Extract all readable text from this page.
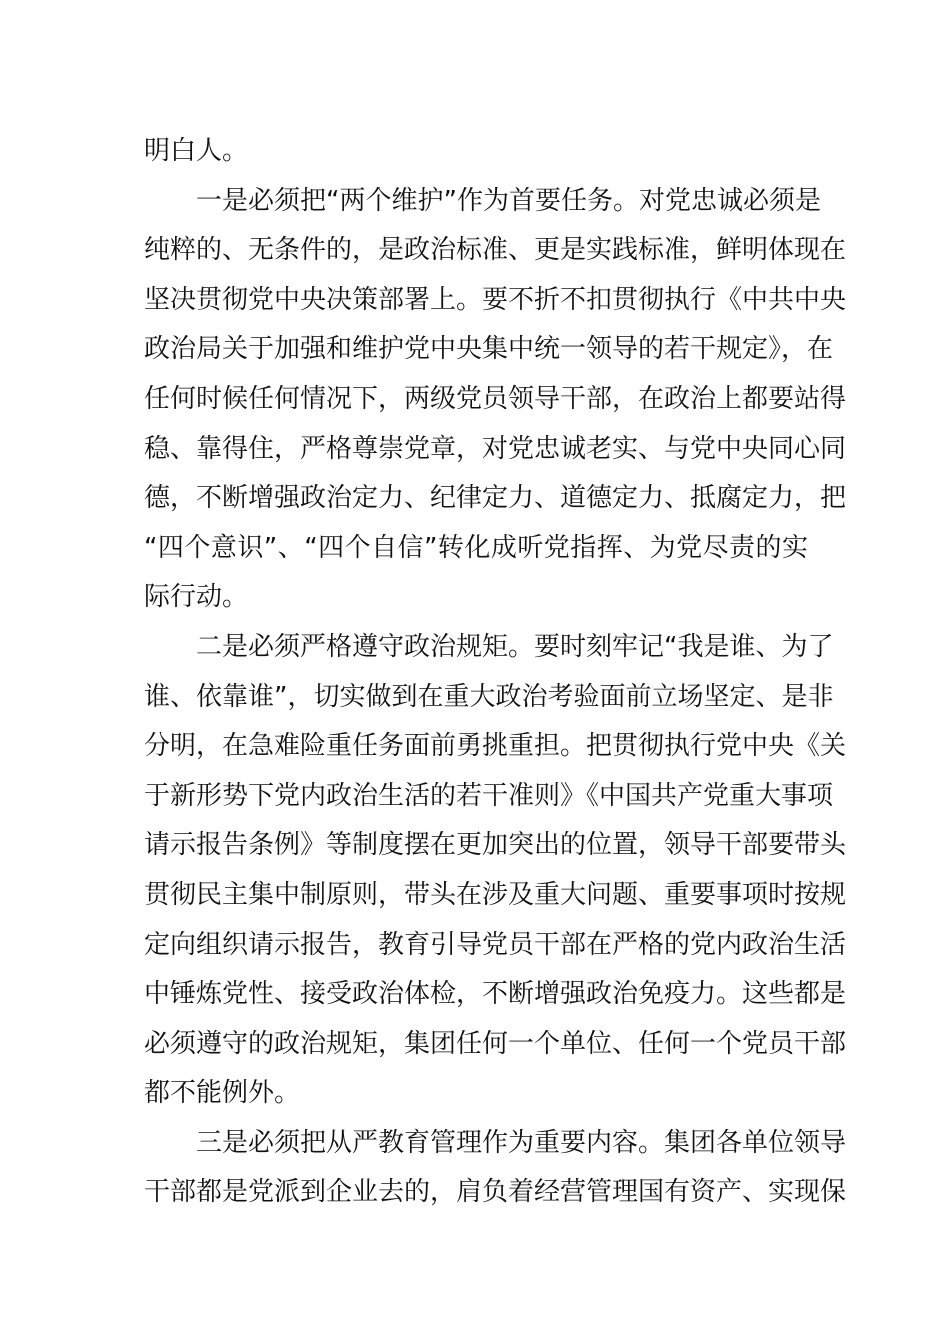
明白人。
一是必须把“两个维护”作为首要任务。对党忠诚必须是
纯粹的、无条件的，是政治标准、更是实践标准，鲜明体现在
坚决贯彻党中央决策部署上。要不折不扣贯彻执行《中共中央
政治局关于加强和维护党中央集中统一领导的若干规定》，在
任何时候任何情况下，两级党员领导干部，在政治上都要站得
稳、靠得住，严格尊崇党章，对党忠诚老实、与党中央同心同
德，不断增强政治定力、纪律定力、道德定力、抵腐定力，把
“四个意识”、“四个自信”转化成听党指挥、为党尽责的实
际行动。
二是必须严格遵守政治规矩。要时刻牢记“我是谁、为了
谁、依靠谁”，切实做到在重大政治考验面前立场坚定、是非
分明，在急难险重任务面前勇挑重担。把贯彻执行党中央《关
于新形势下党内政治生活的若干准则》《中国共产党重大事项
请示报告条例》等制度摆在更加突出的位置，领导干部要带头
贯彻民主集中制原则，带头在涉及重大问题、重要事项时按规
定向组织请示报告，教育引导党员干部在严格的党内政治生活
中锤炼党性、接受政治体检，不断增强政治免疫力。这些都是
必须遵守的政治规矩，集团任何一个单位、任何一个党员干部
都不能例外。
三是必须把从严教育管理作为重要内容。集团各单位领导
干部都是党派到企业去的，肩负着经营管理国有资产、实现保
